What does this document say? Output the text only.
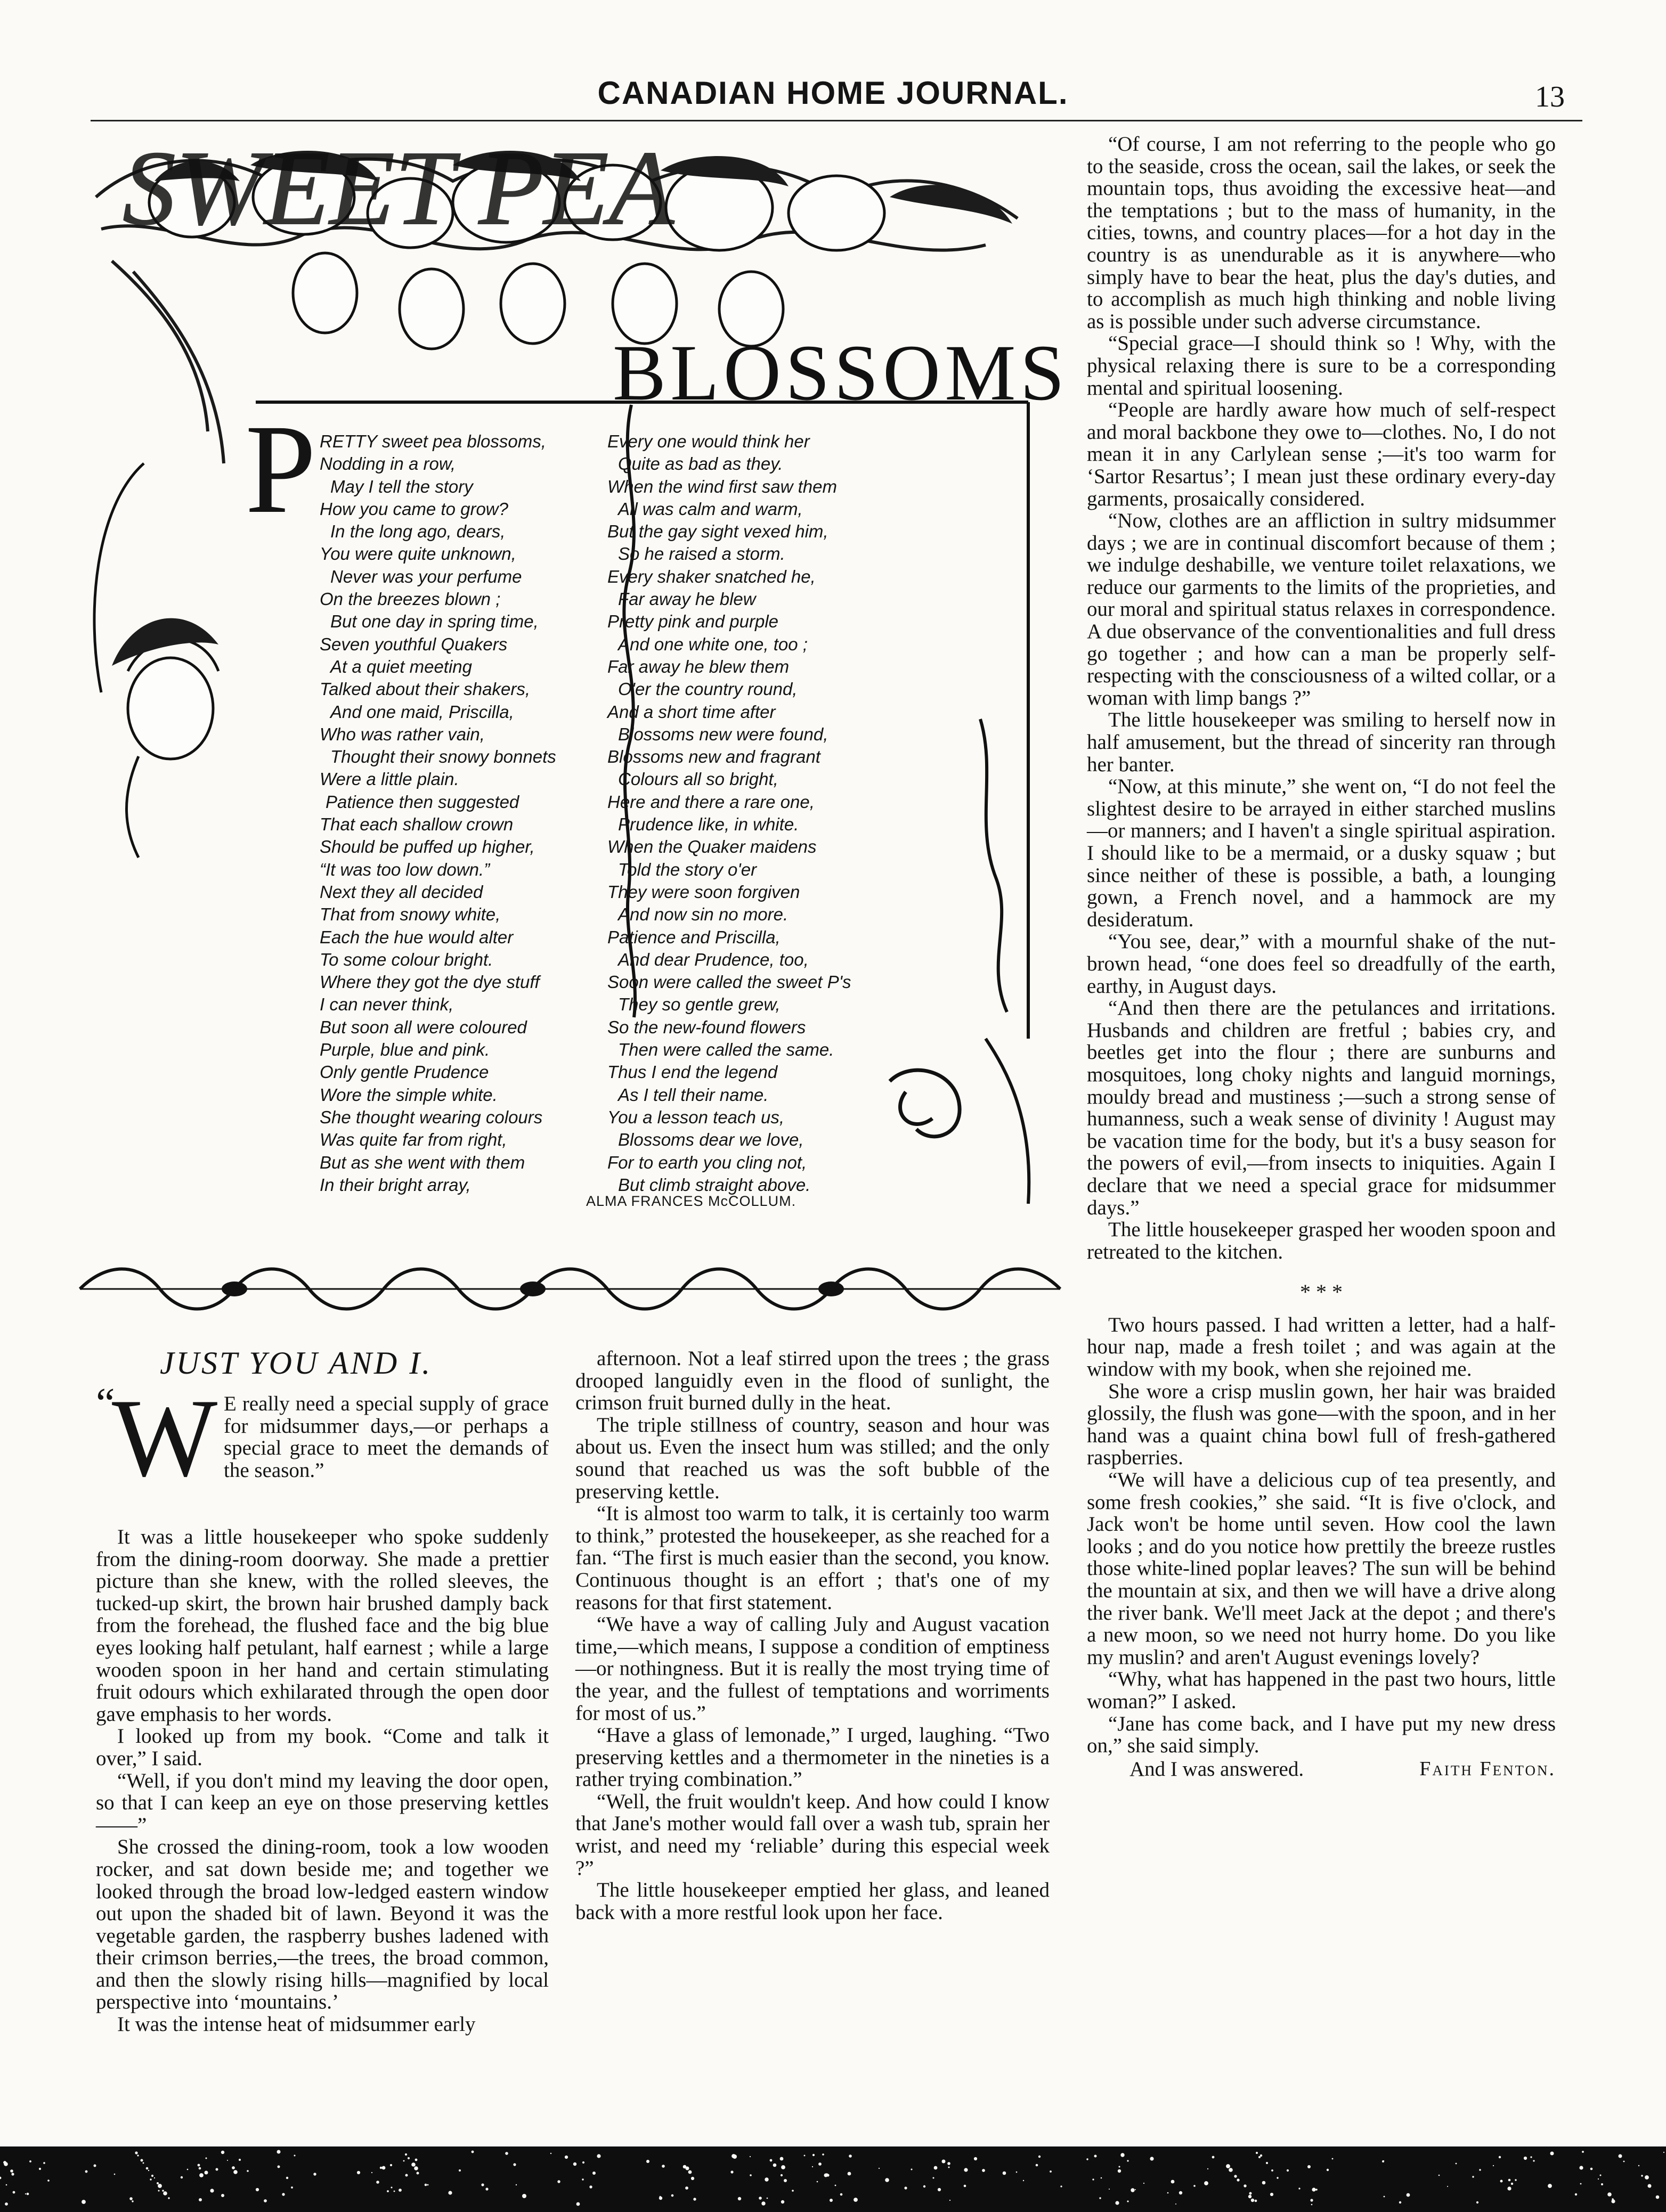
CANADIAN HOME JOURNAL.	13
SWEET PEA
BLOSSOMS
P RETTY sweet pea blossoms,
Nodding in a row,
May I tell the story
How you came to grow?
In the long ago, dears,
You were quite unknown,
Never was your perfume
On the breezes blown ;
But one day in spring time,
Seven youthful Quakers
At a quiet meeting
Talked about their shakers,
And one maid, Priscilla,
Who was rather vain,
Thought their snowy bonnets
Were a little plain.
Patience then suggested
That each shallow crown
Should be puffed up higher,
“It was too low down.”
Next they all decided
That from snowy white,
Each the hue would alter
To some colour bright.
Where they got the dye stuff
I can never think,
But soon all were coloured
Purple, blue and pink.
Only gentle Prudence
Wore the simple white.
She thought wearing colours
Was quite far from right,
But as she went with them
In their bright array,
Every one would think her
Quite as bad as they.
When the wind first saw them
All was calm and warm,
But the gay sight vexed him,
So he raised a storm.
Every shaker snatched he,
Far away he blew
Pretty pink and purple
And one white one, too ;
Far away he blew them
O'er the country round,
And a short time after
Blossoms new were found,
Blossoms new and fragrant
Colours all so bright,
Here and there a rare one,
Prudence like, in white.
When the Quaker maidens
Told the story o'er
They were soon forgiven
And now sin no more.
Patience and Priscilla,
And dear Prudence, too,
Soon were called the sweet P's
They so gentle grew,
So the new-found flowers
Then were called the same.
Thus I end the legend
As I tell their name.
You a lesson teach us,
Blossoms dear we love,
For to earth you cling not,
But climb straight above.
ALMA FRANCES McCOLLUM.
JUST YOU AND I.
“
W E really need a special supply of grace for midsummer days,—or perhaps a special grace to meet the demands of the season.”

It was a little housekeeper who spoke suddenly from the dining-room doorway. She made a prettier picture than she knew, with the rolled sleeves, the tucked-up skirt, the brown hair brushed damply back from the forehead, the flushed face and the big blue eyes looking half petulant, half earnest ; while a large wooden spoon in her hand and certain stimulating fruit odours which exhilarated through the open door gave emphasis to her words.

I looked up from my book. “Come and talk it over,” I said.

“Well, if you don't mind my leaving the door open, so that I can keep an eye on those preserving kettles——”

She crossed the dining-room, took a low wooden rocker, and sat down beside me; and together we looked through the broad low-ledged eastern window out upon the shaded bit of lawn. Beyond it was the vegetable garden, the raspberry bushes ladened with their crimson berries,—the trees, the broad common, and then the slowly rising hills—magnified by local perspective into ‘mountains.’

It was the intense heat of midsummer early

afternoon. Not a leaf stirred upon the trees ; the grass drooped languidly even in the flood of sunlight, the crimson fruit burned dully in the heat.

The triple stillness of country, season and hour was about us. Even the insect hum was stilled; and the only sound that reached us was the soft bubble of the preserving kettle.

“It is almost too warm to talk, it is certainly too warm to think,” protested the housekeeper, as she reached for a fan. “The first is much easier than the second, you know. Continuous thought is an effort ; that's one of my reasons for that first statement.

“We have a way of calling July and August vacation time,—which means, I suppose a condition of emptiness—or nothingness. But it is really the most trying time of the year, and the fullest of temptations and worriments for most of us.”

“Have a glass of lemonade,” I urged, laughing. “Two preserving kettles and a thermometer in the nineties is a rather trying combination.”

“Well, the fruit wouldn't keep. And how could I know that Jane's mother would fall over a wash tub, sprain her wrist, and need my ‘reliable’ during this especial week ?”

The little housekeeper emptied her glass, and leaned back with a more restful look upon her face.

“Of course, I am not referring to the people who go to the seaside, cross the ocean, sail the lakes, or seek the mountain tops, thus avoiding the excessive heat—and the temptations ; but to the mass of humanity, in the cities, towns, and country places—for a hot day in the country is as unendurable as it is anywhere—who simply have to bear the heat, plus the day's duties, and to accomplish as much high thinking and noble living as is possible under such adverse circumstance.

“Special grace—I should think so ! Why, with the physical relaxing there is sure to be a corresponding mental and spiritual loosening.

“People are hardly aware how much of self-respect and moral backbone they owe to—clothes. No, I do not mean it in any Carlylean sense ;—it's too warm for ‘Sartor Resartus’; I mean just these ordinary every-day garments, prosaically considered.

“Now, clothes are an affliction in sultry midsummer days ; we are in continual discomfort because of them ; we indulge deshabille, we venture toilet relaxations, we reduce our garments to the limits of the proprieties, and our moral and spiritual status relaxes in correspondence. A due observance of the conventionalities and full dress go together ; and how can a man be properly self-respecting with the consciousness of a wilted collar, or a woman with limp bangs ?”

The little housekeeper was smiling to herself now in half amusement, but the thread of sincerity ran through her banter.

“Now, at this minute,” she went on, “I do not feel the slightest desire to be arrayed in either starched muslins—or manners; and I haven't a single spiritual aspiration. I should like to be a mermaid, or a dusky squaw ; but since neither of these is possible, a bath, a lounging gown, a French novel, and a hammock are my desideratum.

“You see, dear,” with a mournful shake of the nut-brown head, “one does feel so dreadfully of the earth, earthy, in August days.

“And then there are the petulances and irritations. Husbands and children are fretful ; babies cry, and beetles get into the flour ; there are sunburns and mosquitoes, long choky nights and languid mornings, mouldy bread and mustiness ;—such a strong sense of humanness, such a weak sense of divinity ! August may be vacation time for the body, but it's a busy season for the powers of evil,—from insects to iniquities. Again I declare that we need a special grace for midsummer days.”

The little housekeeper grasped her wooden spoon and retreated to the kitchen.

* * *

Two hours passed. I had written a letter, had a half-hour nap, made a fresh toilet ; and was again at the window with my book, when she rejoined me.

She wore a crisp muslin gown, her hair was braided glossily, the flush was gone—with the spoon, and in her hand was a quaint china bowl full of fresh-gathered raspberries.

“We will have a delicious cup of tea presently, and some fresh cookies,” she said. “It is five o'clock, and Jack won't be home until seven. How cool the lawn looks ; and do you notice how prettily the breeze rustles those white-lined poplar leaves? The sun will be behind the mountain at six, and then we will have a drive along the river bank. We'll meet Jack at the depot ; and there's a new moon, so we need not hurry home. Do you like my muslin? and aren't August evenings lovely?

“Why, what has happened in the past two hours, little woman?” I asked.

“Jane has come back, and I have put my new dress on,” she said simply.

And I was answered.	Faith Fenton.
